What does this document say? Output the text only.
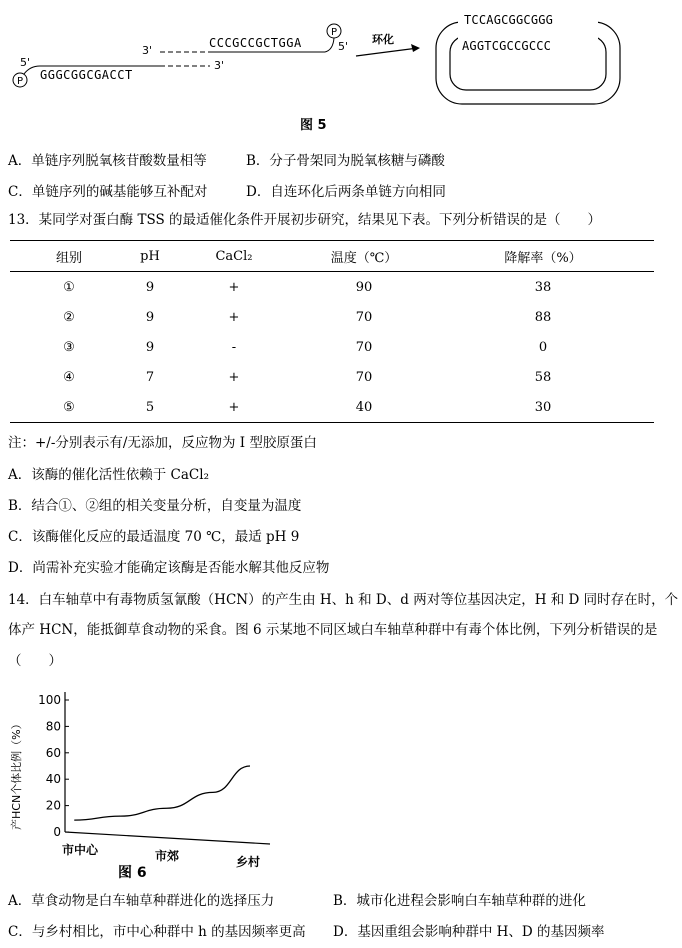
P
5'
GGGCGGCGACCT
3'
3'
CCCGCCGCTGGA
P
5'
环化
TCCAGCGGCGGG
AGGTCGCCGCCC
图 5
A．单链序列脱氧核苷酸数量相等	B．分子骨架同为脱氧核糖与磷酸
C．单链序列的碱基能够互补配对	D．自连环化后两条单链方向相同
13．某同学对蛋白酶 TSS 的最适催化条件开展初步研究，结果见下表。下列分析错误的是（　　）
组别	pH	CaCl₂	温度（℃）	降解率（%）
①	9	+	90	38
②	9	+	70	88
③	9	-	70	0
④	7	+	70	58
⑤	5	+	40	30
注：+/-分别表示有/无添加，反应物为 I 型胶原蛋白
A．该酶的催化活性依赖于 CaCl₂
B．结合①、②组的相关变量分析，自变量为温度
C．该酶催化反应的最适温度 70 ℃，最适 pH 9
D．尚需补充实验才能确定该酶是否能水解其他反应物
14．白车轴草中有毒物质氢氰酸（HCN）的产生由 H、h 和 D、d 两对等位基因决定，H 和 D 同时存在时，个
体产 HCN，能抵御草食动物的采食。图 6 示某地不同区域白车轴草种群中有毒个体比例，下列分析错误的是
（　　）
产HCN个体比例（%）
0
20
40
60
80
100
市中心	市郊	乡村
图 6
A．草食动物是白车轴草种群进化的选择压力	B．城市化进程会影响白车轴草种群的进化
C．与乡村相比，市中心种群中 h 的基因频率更高 D．基因重组会影响种群中 H、D 的基因频率
